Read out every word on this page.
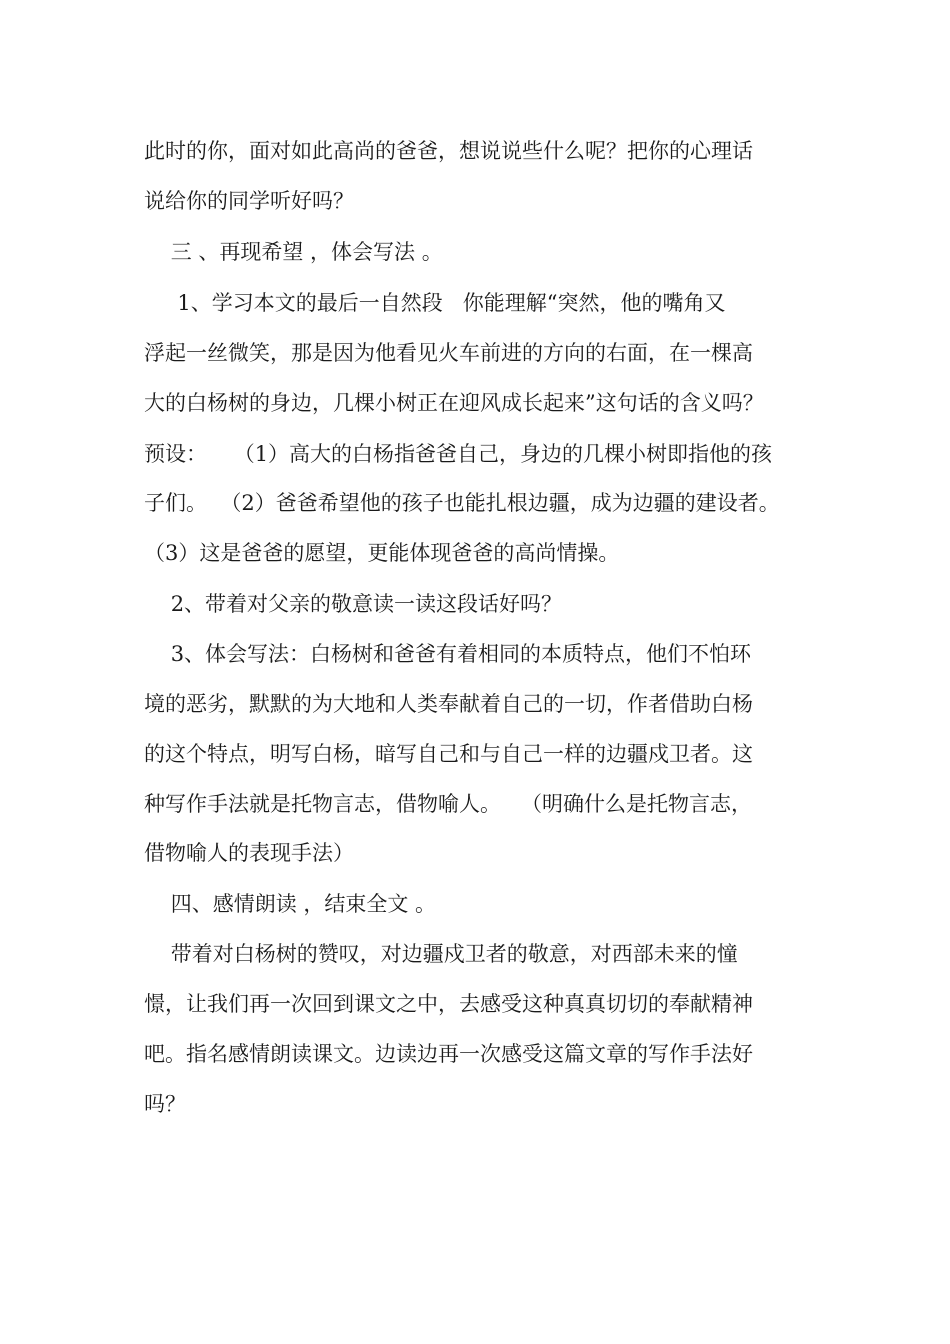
此时的你，面对如此高尚的爸爸，想说说些什么呢？把你的心理话

说给你的同学听好吗？

三 、再现希望 ，体会写法 。

1、学习本文的最后一自然段   你能理解“突然，他的嘴角又

浮起一丝微笑，那是因为他看见火车前进的方向的右面，在一棵高

大的白杨树的身边，几棵小树正在迎风成长起来”这句话的含义吗？

预设：    （1）高大的白杨指爸爸自己，身边的几棵小树即指他的孩

子们。  （2）爸爸希望他的孩子也能扎根边疆，成为边疆的建设者。

（3）这是爸爸的愿望，更能体现爸爸的高尚情操。

2、带着对父亲的敬意读一读这段话好吗？

3、体会写法：白杨树和爸爸有着相同的本质特点，他们不怕环

境的恶劣，默默的为大地和人类奉献着自己的一切，作者借助白杨

的这个特点，明写白杨，暗写自己和与自己一样的边疆戍卫者。这

种写作手法就是托物言志，借物喻人。   （明确什么是托物言志，

借物喻人的表现手法）

四、感情朗读 ，结束全文 。

带着对白杨树的赞叹，对边疆戍卫者的敬意，对西部未来的憧

憬，让我们再一次回到课文之中，去感受这种真真切切的奉献精神

吧。指名感情朗读课文。边读边再一次感受这篇文章的写作手法好

吗？
